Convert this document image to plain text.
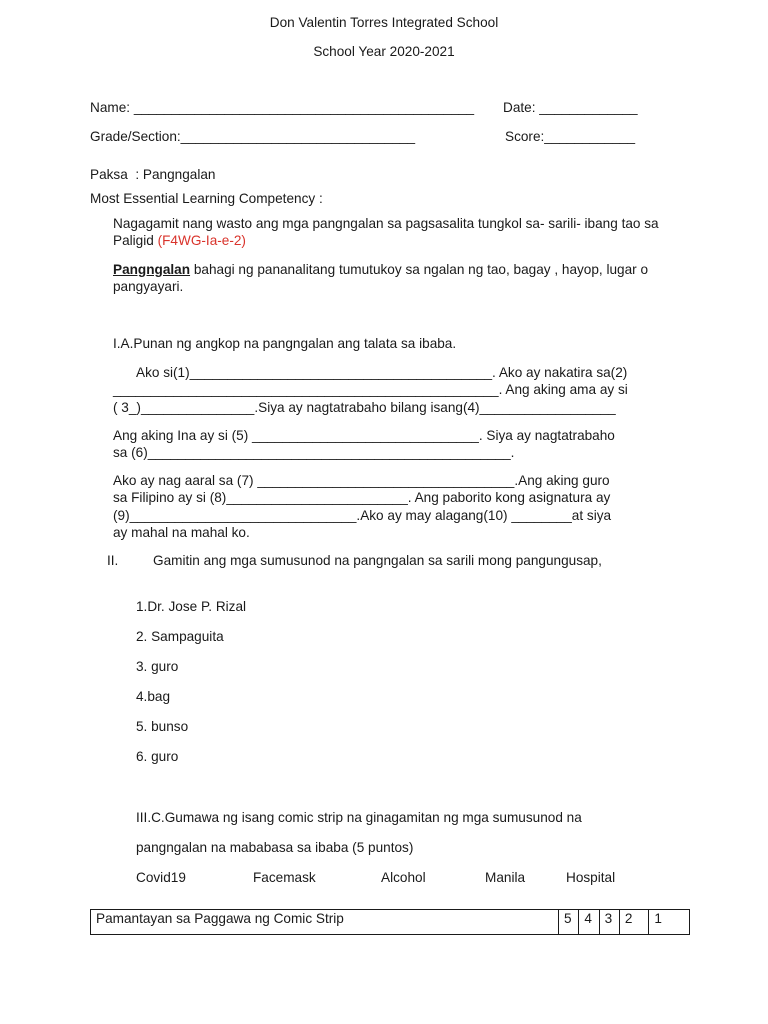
Don Valentin Torres Integrated School
School Year 2020-2021
Name: _____________________________________________ Date: _____________
Grade/Section:_______________________________	Score:____________
Paksa  : Pangngalan
Most Essential Learning Competency :
Nagagamit nang wasto ang mga pangngalan sa pagsasalita tungkol sa- sarili- ibang tao sa Paligid (F4WG-Ia-e-2)
Pangngalan bahagi ng pananalitang tumutukoy sa ngalan ng tao, bagay , hayop, lugar o pangyayari.
I.A.Punan ng angkop na pangngalan ang talata sa ibaba.
Ako si(1)________________________________________. Ako ay nakatira sa(2)
___________________________________________________. Ang aking ama ay si
( 3_)_______________.Siya ay nagtatrabaho bilang isang(4)__________________
Ang aking Ina ay si (5) ______________________________. Siya ay nagtatrabaho
sa (6)________________________________________________.
Ako ay nag aaral sa (7) __________________________________.Ang aking guro
sa Filipino ay si (8)________________________. Ang paborito kong asignatura ay
(9)______________________________.Ako ay may alagang(10) ________at siya
ay mahal na mahal ko.
II.	Gamitin ang mga sumusunod na pangngalan sa sarili mong pangungusap,
1.Dr. Jose P. Rizal
2. Sampaguita
3. guro
4.bag
5. bunso
6. guro
III.C.Gumawa ng isang comic strip na ginagamitan ng mga sumusunod na
pangngalan na mababasa sa ibaba (5 puntos)
Covid19	Facemask	Alcohol	Manila	Hospital
Pamantayan sa Paggawa ng Comic Strip	5	4	3	2	1
